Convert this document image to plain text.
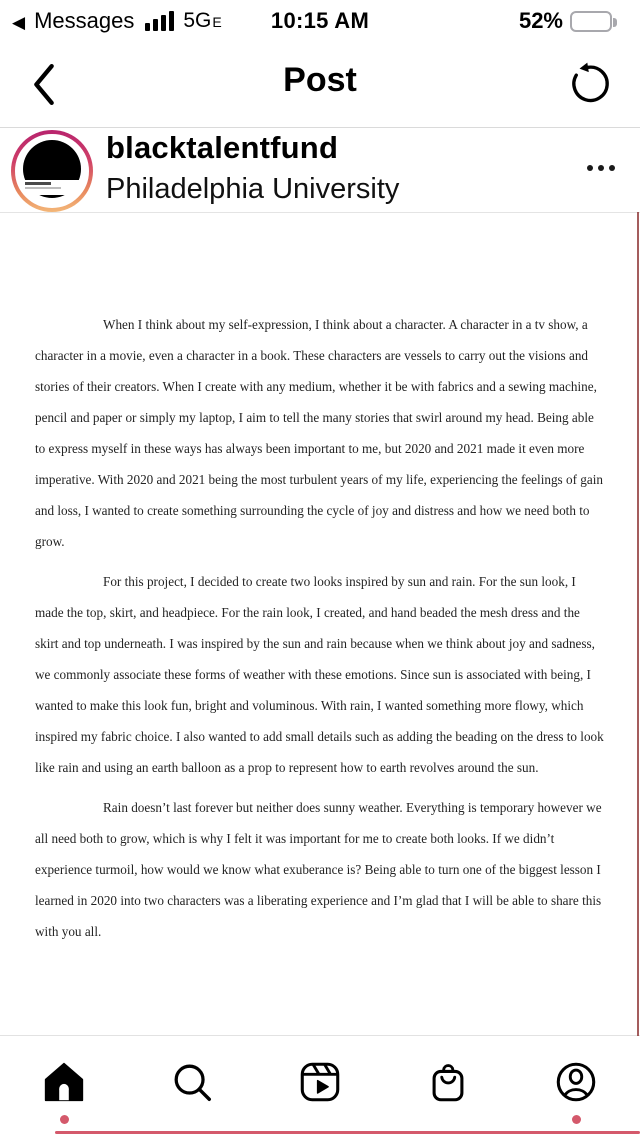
◀ Messages 5GE 10:15 AM	52%
Post
blacktalentfund
Philadelphia University

When I think about my self-expression, I think about a character. A character in a tv show, a character in a movie, even a character in a book. These characters are vessels to carry out the visions and stories of their creators. When I create with any medium, whether it be with fabrics and a sewing machine, pencil and paper or simply my laptop, I aim to tell the many stories that swirl around my head. Being able to express myself in these ways has always been important to me, but 2020 and 2021 made it even more imperative. With 2020 and 2021 being the most turbulent years of my life, experiencing the feelings of gain and loss, I wanted to create something surrounding the cycle of joy and distress and how we need both to grow.

For this project, I decided to create two looks inspired by sun and rain. For the sun look, I made the top, skirt, and headpiece. For the rain look, I created, and hand beaded the mesh dress and the skirt and top underneath. I was inspired by the sun and rain because when we think about joy and sadness, we commonly associate these forms of weather with these emotions. Since sun is associated with being, I wanted to make this look fun, bright and voluminous. With rain, I wanted something more flowy, which inspired my fabric choice. I also wanted to add small details such as adding the beading on the dress to look like rain and using an earth balloon as a prop to represent how to earth revolves around the sun.

Rain doesn’t last forever but neither does sunny weather. Everything is temporary however we all need both to grow, which is why I felt it was important for me to create both looks. If we didn’t experience turmoil, how would we know what exuberance is? Being able to turn one of the biggest lesson I learned in 2020 into two characters was a liberating experience and I’m glad that I will be able to share this with you all.
